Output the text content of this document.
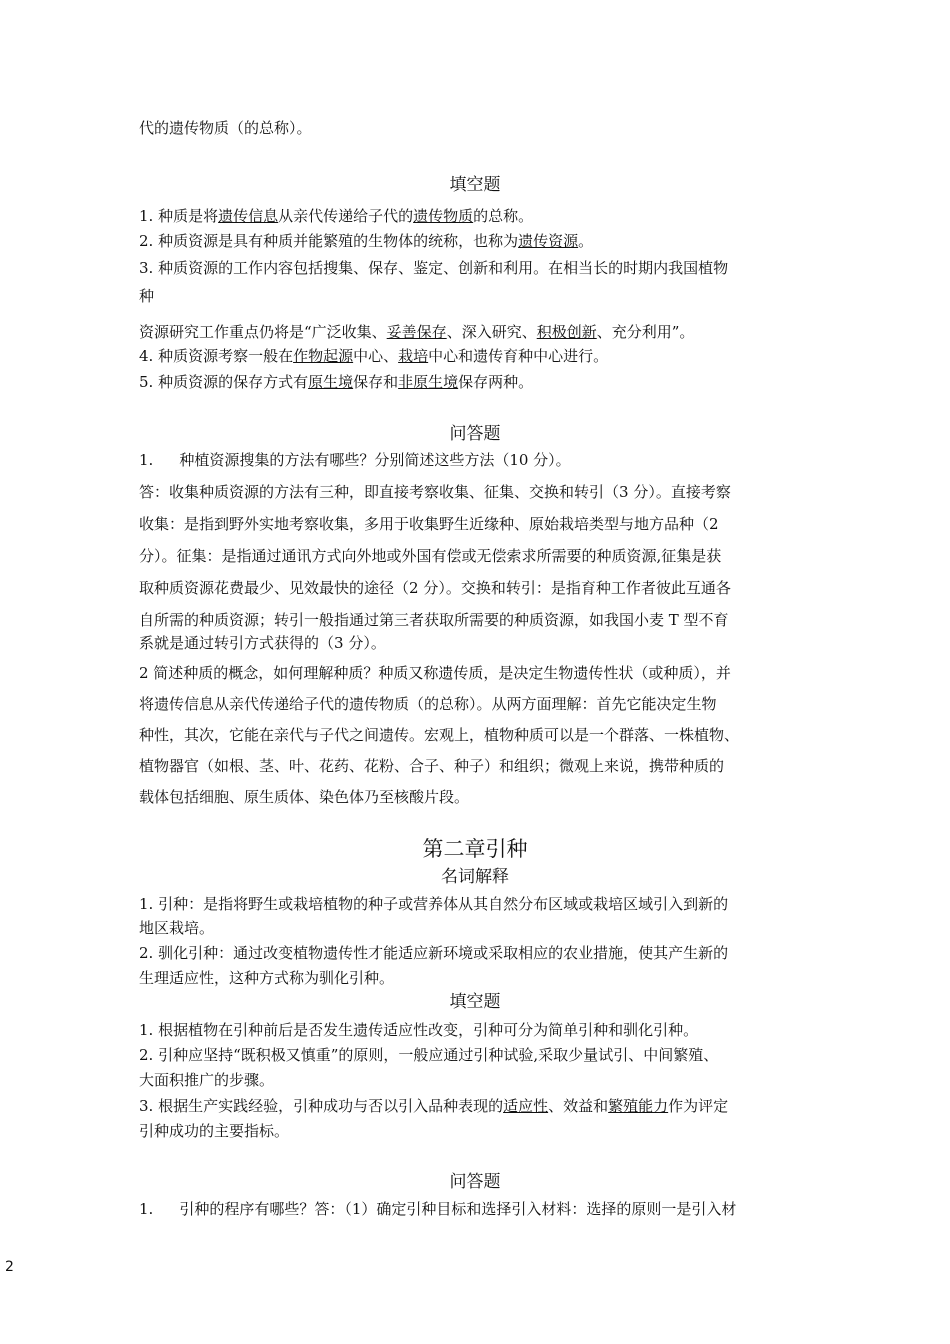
代的遗传物质（的总称）。
填空题
1. 种质是将遗传信息从亲代传递给子代的遗传物质的总称。
2. 种质资源是具有种质并能繁殖的生物体的统称，也称为遗传资源。
3. 种质资源的工作内容包括搜集、保存、鉴定、创新和利用。在相当长的时期内我国植物
种
资源研究工作重点仍将是“广泛收集、妥善保存、深入研究、积极创新、充分利用”。
4. 种质资源考察一般在作物起源中心、栽培中心和遗传育种中心进行。
5. 种质资源的保存方式有原生境保存和非原生境保存两种。
问答题
1. 种植资源搜集的方法有哪些？分别简述这些方法（10 分）。
答：收集种质资源的方法有三种，即直接考察收集、征集、交换和转引（3 分）。直接考察
收集：是指到野外实地考察收集，多用于收集野生近缘种、原始栽培类型与地方品种（2
分）。征集：是指通过通讯方式向外地或外国有偿或无偿索求所需要的种质资源,征集是获
取种质资源花费最少、见效最快的途径（2 分）。交换和转引：是指育种工作者彼此互通各
自所需的种质资源；转引一般指通过第三者获取所需要的种质资源，如我国小麦 T 型不育
系就是通过转引方式获得的（3 分）。
2 简述种质的概念，如何理解种质？种质又称遗传质，是决定生物遗传性状（或种质），并
将遗传信息从亲代传递给子代的遗传物质（的总称）。从两方面理解：首先它能决定生物
种性，其次，它能在亲代与子代之间遗传。宏观上，植物种质可以是一个群落、一株植物、
植物器官（如根、茎、叶、花药、花粉、合子、种子）和组织；微观上来说，携带种质的
载体包括细胞、原生质体、染色体乃至核酸片段。
第二章引种
名词解释
1. 引种：是指将野生或栽培植物的种子或营养体从其自然分布区域或栽培区域引入到新的
地区栽培。
2. 驯化引种：通过改变植物遗传性才能适应新环境或采取相应的农业措施，使其产生新的
生理适应性，这种方式称为驯化引种。
填空题
1. 根据植物在引种前后是否发生遗传适应性改变，引种可分为简单引种和驯化引种。
2. 引种应坚持“既积极又慎重”的原则，一般应通过引种试验,采取少量试引、中间繁殖、
大面积推广的步骤。
3. 根据生产实践经验，引种成功与否以引入品种表现的适应性、效益和繁殖能力作为评定
引种成功的主要指标。
问答题
1. 引种的程序有哪些？答：（1）确定引种目标和选择引入材料：选择的原则一是引入材
2
